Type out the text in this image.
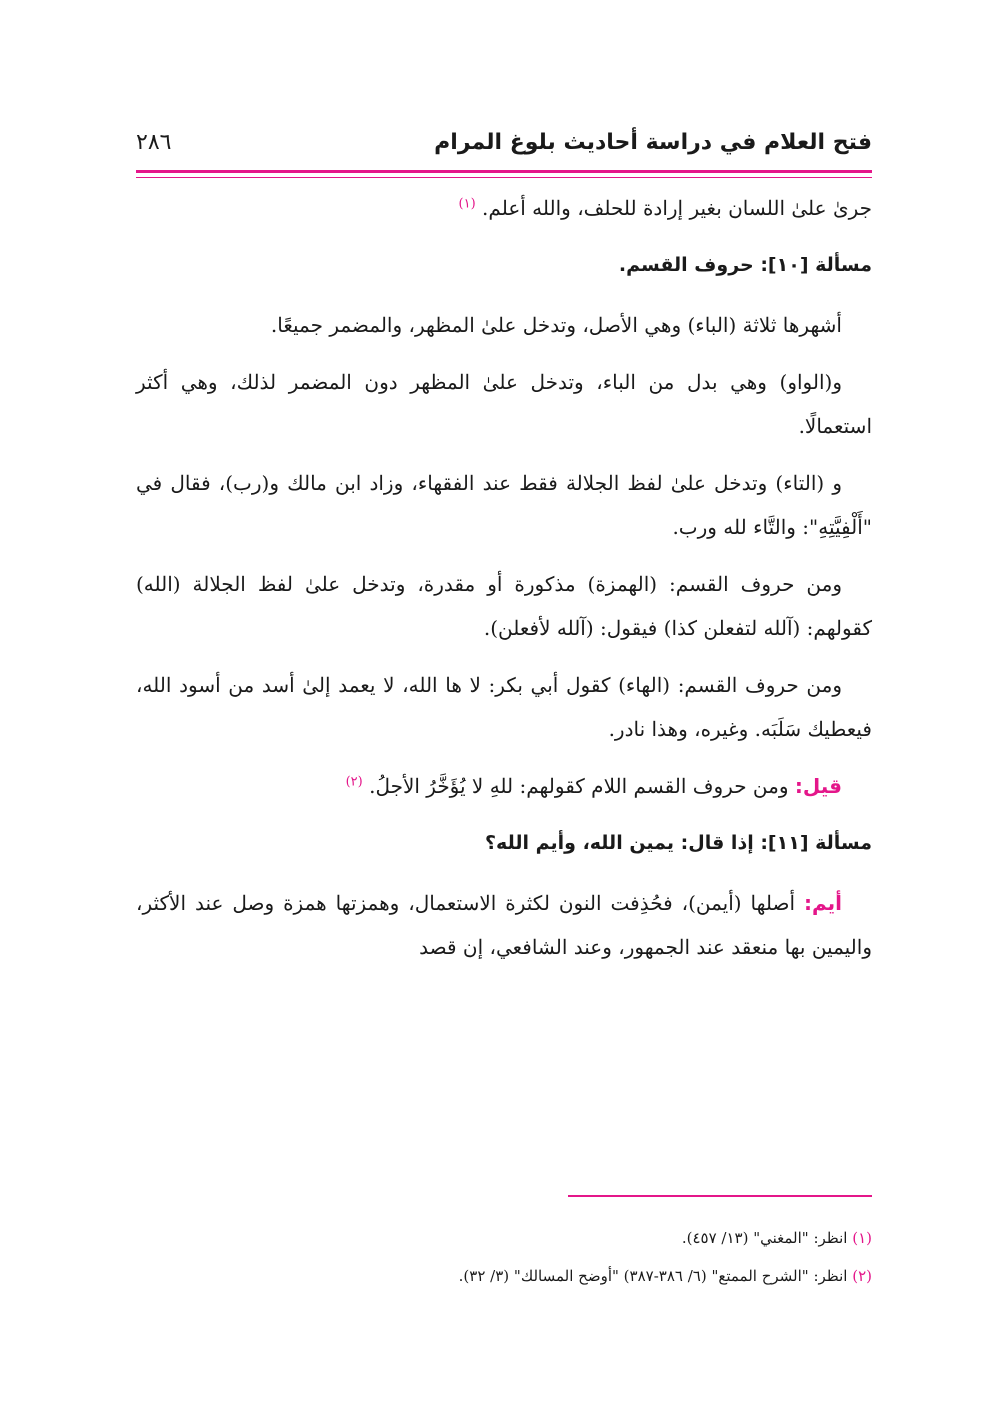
فتح العلام في دراسة أحاديث بلوغ المرام
٢٨٦

جرىٰ علىٰ اللسان بغير إرادة للحلف، والله أعلم. $^{(١)}$

مسألة [١٠]: حروف القسم.

أشهرها ثلاثة (الباء) وهي الأصل، وتدخل علىٰ المظهر، والمضمر جميعًا.

و(الواو) وهي بدل من الباء، وتدخل علىٰ المظهر دون المضمر لذلك، وهي أكثر استعمالًا.

و (التاء) وتدخل علىٰ لفظ الجلالة فقط عند الفقهاء، وزاد ابن مالك و(رب)، فقال في "أَلْفِيَّتِهِ": والتَّاء لله ورب.

ومن حروف القسم: (الهمزة) مذكورة أو مقدرة، وتدخل علىٰ لفظ الجلالة (الله) كقولهم: (آلله لتفعلن كذا) فيقول: (آلله لأفعلن).

ومن حروف القسم: (الهاء) كقول أبي بكر: لا ها الله، لا يعمد إلىٰ أسد من أسود الله، فيعطيك سَلَبَه. وغيره، وهذا نادر.

قيل: ومن حروف القسم اللام كقولهم: للهِ لا يُؤَخَّرُ الأجلُ. $^{(٢)}$

مسألة [١١]: إذا قال: يمين الله، وأيم الله؟

أيم: أصلها (أيمن)، فحُذِفت النون لكثرة الاستعمال، وهمزتها همزة وصل عند الأكثر، واليمين بها منعقد عند الجمهور، وعند الشافعي، إن قصد

(١) انظر: "المغني" (١٣/ ٤٥٧).
(٢) انظر: "الشرح الممتع" (٦/ ٣٨٦-٣٨٧) "أوضح المسالك" (٣/ ٣٢).
